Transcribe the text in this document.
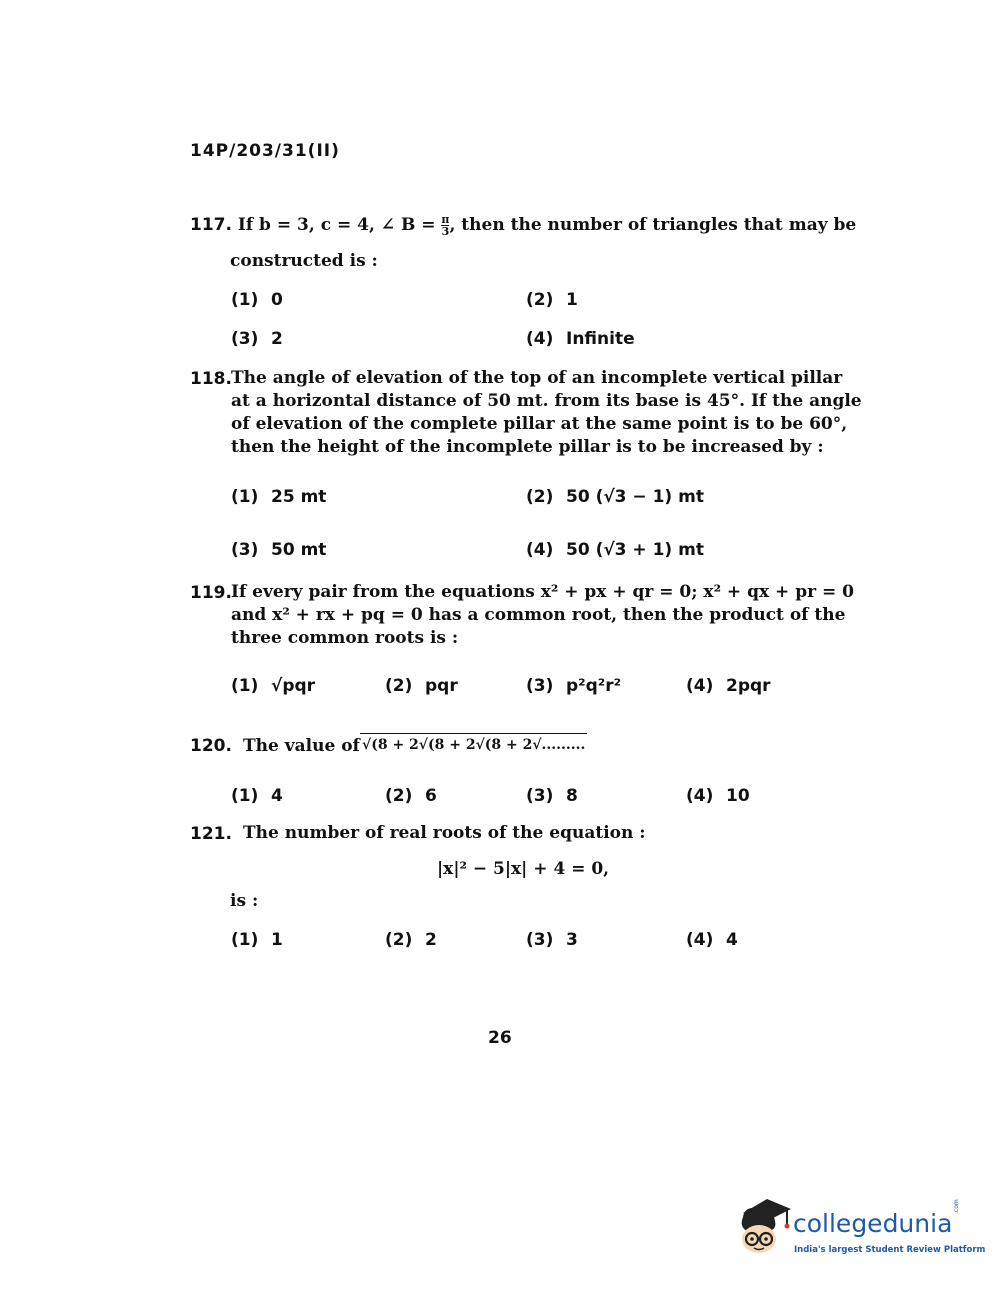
14P/203/31(II)
117. If b = 3, c = 4, ∠ $B = \frac{\pi}{3}$ , then the number of triangles that may be
constructed is :
(1) 0	(2) 1
(3) 2	(4) Infinite
118. The angle of elevation of the top of an incomplete vertical pillar
at a horizontal distance of 50 mt. from its base is 45°. If the angle
of elevation of the complete pillar at the same point is to be 60°,
then the height of the incomplete pillar is to be increased by :
(1) 25 mt	(2) 50 (√3 − 1) mt
(3) 50 mt	(4) 50 (√3 + 1) mt
119. If every pair from the equations x² + px + qr = 0; x² + qx + pr = 0
and x² + rx + pq = 0 has a common root, then the product of the
three common roots is :
(1) √pqr	(2) pqr	(3) p²q²r²	(4) 2pqr
120. The value of √(8 + 2√(8 + 2√(8 + 2√.........
(1) 4	(2) 6	(3) 8	(4) 10
121. The number of real roots of the equation :
|x|² − 5|x| + 4 = 0,
is :
(1) 1	(2) 2	(3) 3	(4) 4
26
collegedunia
.com
India's largest Student Review Platform
